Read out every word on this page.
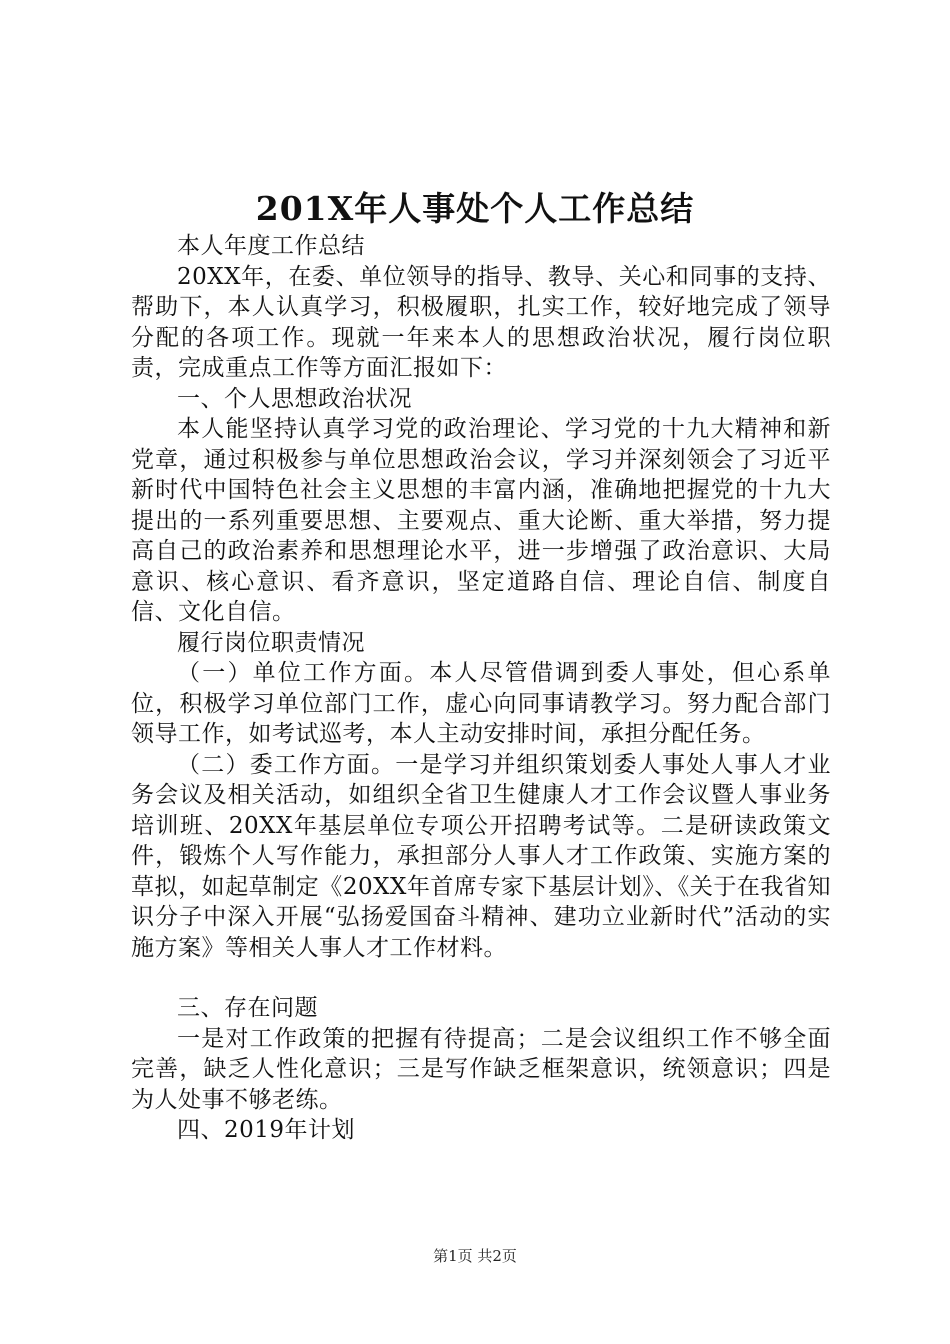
201X年人事处个人工作总结

本人年度工作总结

20XX年，在委、单位领导的指导、教导、关心和同事的支持、帮助下，本人认真学习，积极履职，扎实工作，较好地完成了领导分配的各项工作。现就一年来本人的思想政治状况，履行岗位职责，完成重点工作等方面汇报如下：

一、个人思想政治状况

本人能坚持认真学习党的政治理论、学习党的十九大精神和新党章，通过积极参与单位思想政治会议，学习并深刻领会了习近平新时代中国特色社会主义思想的丰富内涵，准确地把握党的十九大提出的一系列重要思想、主要观点、重大论断、重大举措，努力提高自己的政治素养和思想理论水平，进一步增强了政治意识、大局意识、核心意识、看齐意识，坚定道路自信、理论自信、制度自信、文化自信。

履行岗位职责情况

（一）单位工作方面。本人尽管借调到委人事处，但心系单位，积极学习单位部门工作，虚心向同事请教学习。努力配合部门领导工作，如考试巡考，本人主动安排时间，承担分配任务。

（二）委工作方面。一是学习并组织策划委人事处人事人才业务会议及相关活动，如组织全省卫生健康人才工作会议暨人事业务培训班、20XX年基层单位专项公开招聘考试等。二是研读政策文件，锻炼个人写作能力，承担部分人事人才工作政策、实施方案的草拟，如起草制定《20XX年首席专家下基层计划》、《关于在我省知识分子中深入开展“弘扬爱国奋斗精神、建功立业新时代”活动的实施方案》等相关人事人才工作材料。

三、存在问题

一是对工作政策的把握有待提高；二是会议组织工作不够全面完善，缺乏人性化意识；三是写作缺乏框架意识，统领意识；四是为人处事不够老练。

四、2019年计划

第1页 共2页
